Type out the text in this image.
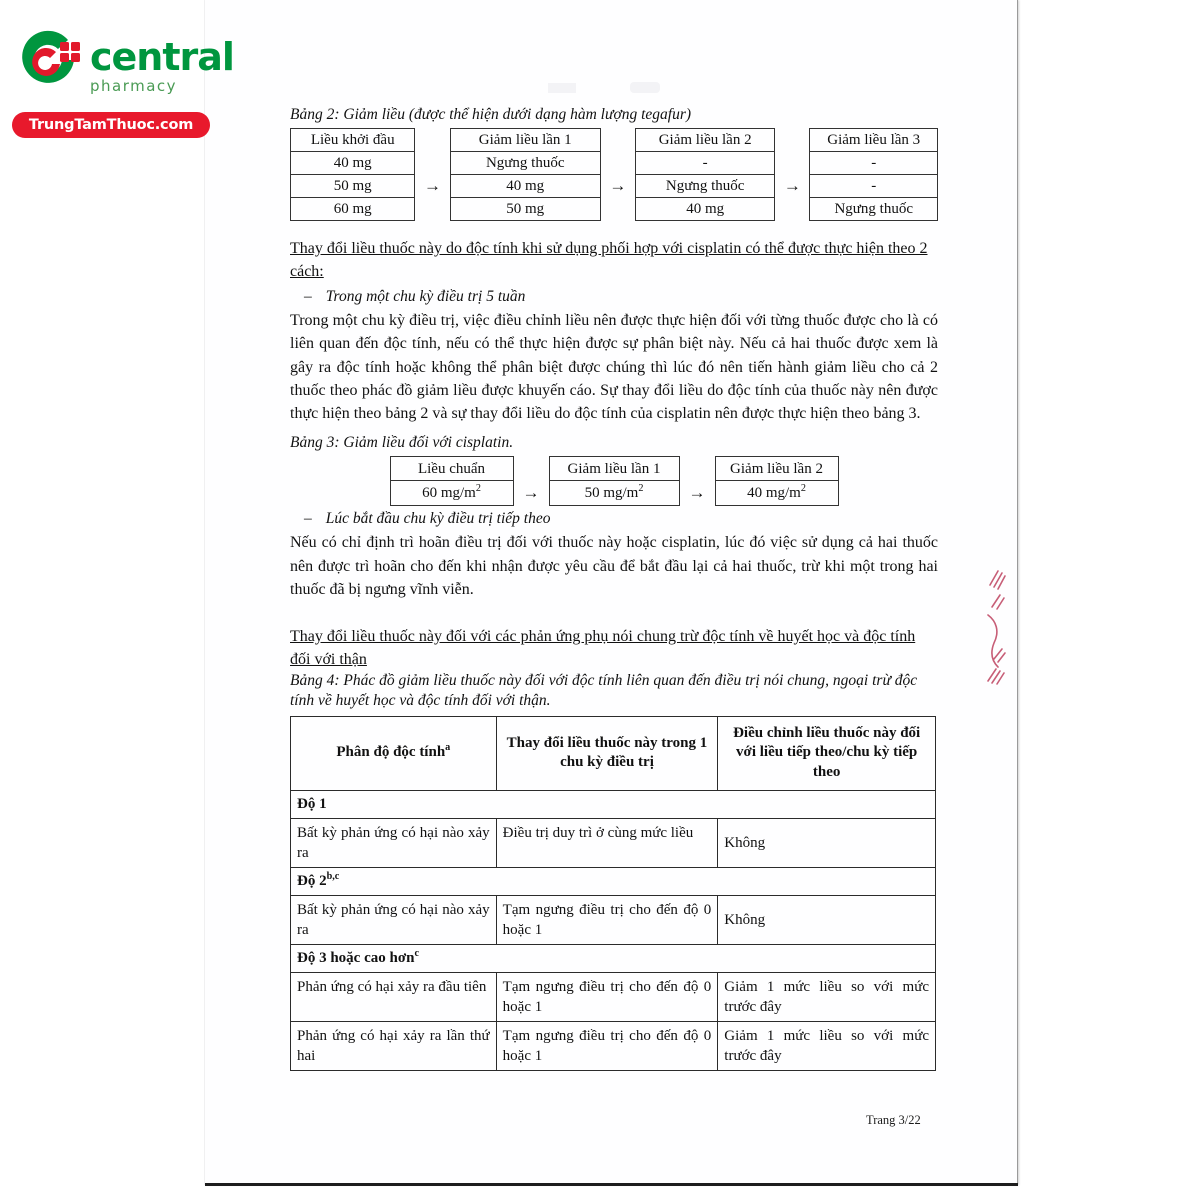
central
pharmacy
TrungTamThuoc.com

Bảng 2: Giảm liều (được thể hiện dưới dạng hàm lượng tegafur)

Liều khởi đầu		Giảm liều lần 1		Giảm liều lần 2		Giảm liều lần 3
40 mg	→	Ngưng thuốc	→	-	→	-
50 mg		40 mg		Ngưng thuốc		-
60 mg		50 mg		40 mg		Ngưng thuốc

Thay đổi liều thuốc này do độc tính khi sử dụng phối hợp với cisplatin có thể được thực hiện theo 2 cách:

– Trong một chu kỳ điều trị 5 tuần

Trong một chu kỳ điều trị, việc điều chỉnh liều nên được thực hiện đối với từng thuốc được cho là có liên quan đến độc tính, nếu có thể thực hiện được sự phân biệt này. Nếu cả hai thuốc được xem là gây ra độc tính hoặc không thể phân biệt được chúng thì lúc đó nên tiến hành giảm liều cho cả 2 thuốc theo phác đồ giảm liều được khuyến cáo. Sự thay đổi liều do độc tính của thuốc này nên được thực hiện theo bảng 2 và sự thay đổi liều do độc tính của cisplatin nên được thực hiện theo bảng 3.

Bảng 3: Giảm liều đối với cisplatin.

Liều chuẩn		Giảm liều lần 1		Giảm liều lần 2
60 $mg/m^2$	→	50 $mg/m^2$	→	40 $mg/m^2$

– Lúc bắt đầu chu kỳ điều trị tiếp theo

Nếu có chỉ định trì hoãn điều trị đối với thuốc này hoặc cisplatin, lúc đó việc sử dụng cả hai thuốc nên được trì hoãn cho đến khi nhận được yêu cầu để bắt đầu lại cả hai thuốc, trừ khi một trong hai thuốc đã bị ngưng vĩnh viễn.

Thay đổi liều thuốc này đối với các phản ứng phụ nói chung trừ độc tính về huyết học và độc tính đối với thận

Bảng 4: Phác đồ giảm liều thuốc này đối với độc tính liên quan đến điều trị nói chung, ngoại trừ độc tính về huyết học và độc tính đối với thận.

Phân độ độc tính$^a$	Thay đổi liều thuốc này trong 1 chu kỳ điều trị	Điều chỉnh liều thuốc này đối với liều tiếp theo/chu kỳ tiếp theo
Độ 1		
Bất kỳ phản ứng có hại nào xảy ra	Điều trị duy trì ở cùng mức liều	Không
Độ 2$^{b,c}$
Bất kỳ phản ứng có hại nào xảy ra	Tạm ngưng điều trị cho đến độ 0 hoặc 1	Không
Độ 3 hoặc cao hơn$^c$
Phản ứng có hại xảy ra đầu tiên	Tạm ngưng điều trị cho đến độ 0 hoặc 1	Giảm 1 mức liều so với mức trước đây
Phản ứng có hại xảy ra lần thứ hai	Tạm ngưng điều trị cho đến độ 0 hoặc 1	Giảm 1 mức liều so với mức trước đây
Trang 3/22
